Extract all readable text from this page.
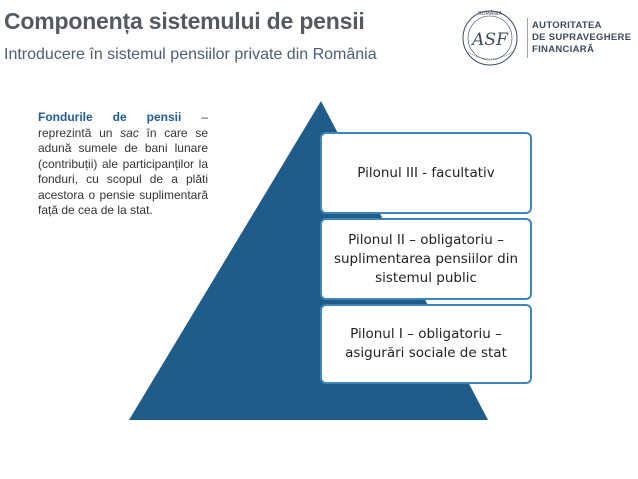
Componența sistemului de pensii
Introducere în sistemul pensiilor private din România
ROMÂNIA
ASF
AUTORITATEA
DE SUPRAVEGHERE
FINANCIARĂ
Fondurile de pensii – reprezintă un sac în care se adună sumele de bani lunare (contribuții) ale participanților la fonduri, cu scopul de a plăti acestora o pensie suplimentară față de cea de la stat.
Pilonul III - facultativ
Pilonul II – obligatoriu – suplimentarea pensiilor din sistemul public
Pilonul I – obligatoriu – asigurări sociale de stat
